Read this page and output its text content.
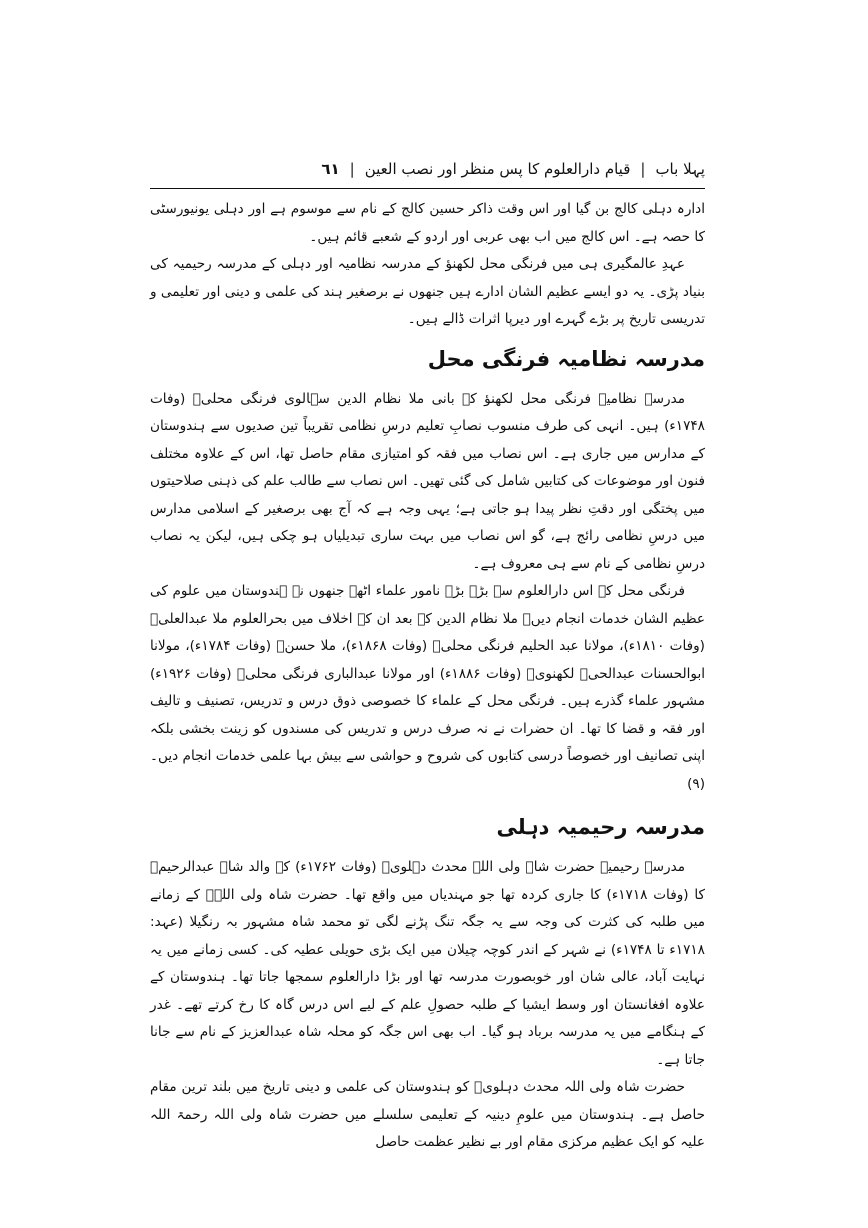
پہلا باب
|
قیام دارالعلوم کا پس منظر اور نصب العین
|
٦١

ادارہ دہلی کالج بن گیا اور اس وقت ذاکر حسین کالج کے نام سے موسوم ہے اور دہلی یونیورسٹی کا حصہ ہے۔ اس کالج میں اب بھی عربی اور اردو کے شعبے قائم ہیں۔

عہدِ عالمگیری ہی میں فرنگی محل لکھنؤ کے مدرسہ نظامیہ اور دہلی کے مدرسہ رحیمیہ کی بنیاد پڑی۔ یہ دو ایسے عظیم الشان ادارے ہیں جنھوں نے برصغیر ہند کی علمی و دینی اور تعلیمی و تدریسی تاریخ پر بڑے گہرے اور دیرپا اثرات ڈالے ہیں۔

مدرسہ نظامیہ فرنگی محل

مدرسہ نظامیہ فرنگی محل لکھنؤ کے بانی ملا نظام الدین سہالوی فرنگی محلیؒ (وفات ۱۷۴۸ء) ہیں۔ انہی کی طرف منسوب نصابِ تعلیم درسِ نظامی تقریباً تین صدیوں سے ہندوستان کے مدارس میں جاری ہے۔ اس نصاب میں فقہ کو امتیازی مقام حاصل تھا، اس کے علاوہ مختلف فنون اور موضوعات کی کتابیں شامل کی گئی تھیں۔ اس نصاب سے طالب علم کی ذہنی صلاحیتوں میں پختگی اور دقتِ نظر پیدا ہو جاتی ہے؛ یہی وجہ ہے کہ آج بھی برصغیر کے اسلامی مدارس میں درسِ نظامی رائج ہے، گو اس نصاب میں بہت ساری تبدیلیاں ہو چکی ہیں، لیکن یہ نصاب درسِ نظامی کے نام سے ہی معروف ہے۔

فرنگی محل کے اس دارالعلوم سے بڑے بڑے نامور علماء اٹھے جنھوں نے ہندوستان میں علوم کی عظیم الشان خدمات انجام دیں۔ ملا نظام الدین کے بعد ان کے اخلاف میں بحرالعلوم ملا عبدالعلیؒ (وفات ۱۸۱۰ء)، مولانا عبد الحلیم فرنگی محلیؒ (وفات ۱۸۶۸ء)، ملا حسنؒ (وفات ۱۷۸۴ء)، مولانا ابوالحسنات عبدالحیؒ لکھنویؒ (وفات ۱۸۸۶ء) اور مولانا عبدالباری فرنگی محلیؒ (وفات ۱۹۲۶ء) مشہور علماء گذرے ہیں۔ فرنگی محل کے علماء کا خصوصی ذوق درس و تدریس، تصنیف و تالیف اور فقہ و قضا کا تھا۔ ان حضرات نے نہ صرف درس و تدریس کی مسندوں کو زینت بخشی بلکہ اپنی تصانیف اور خصوصاً درسی کتابوں کی شروح و حواشی سے بیش بہا علمی خدمات انجام دیں۔ (۹)

مدرسہ رحیمیہ دہلی

مدرسہ رحیمیہ حضرت شاہ ولی اللہ محدث دہلویؒ (وفات ۱۷۶۲ء) کے والد شاہ عبدالرحیمؒ کا (وفات ۱۷۱۸ء) کا جاری کردہ تھا جو مہندیاں میں واقع تھا۔ حضرت شاہ ولی اللہؒ کے زمانے میں طلبہ کی کثرت کی وجہ سے یہ جگہ تنگ پڑنے لگی تو محمد شاہ مشہور بہ رنگیلا (عہد: ۱۷۱۸ء تا ۱۷۴۸ء) نے شہر کے اندر کوچہ چیلان میں ایک بڑی حویلی عطیہ کی۔ کسی زمانے میں یہ نہایت آباد، عالی شان اور خوبصورت مدرسہ تھا اور بڑا دارالعلوم سمجھا جاتا تھا۔ ہندوستان کے علاوہ افغانستان اور وسط ایشیا کے طلبہ حصولِ علم کے لیے اس درس گاہ کا رخ کرتے تھے۔ غدر کے ہنگامے میں یہ مدرسہ برباد ہو گیا۔ اب بھی اس جگہ کو محلہ شاہ عبدالعزیز کے نام سے جانا جاتا ہے۔

حضرت شاہ ولی اللہ محدث دہلویؒ کو ہندوستان کی علمی و دینی تاریخ میں بلند ترین مقام حاصل ہے۔ ہندوستان میں علومِ دینیہ کے تعلیمی سلسلے میں حضرت شاہ ولی اللہ رحمۃ اللہ علیہ کو ایک عظیم مرکزی مقام اور بے نظیر عظمت حاصل
